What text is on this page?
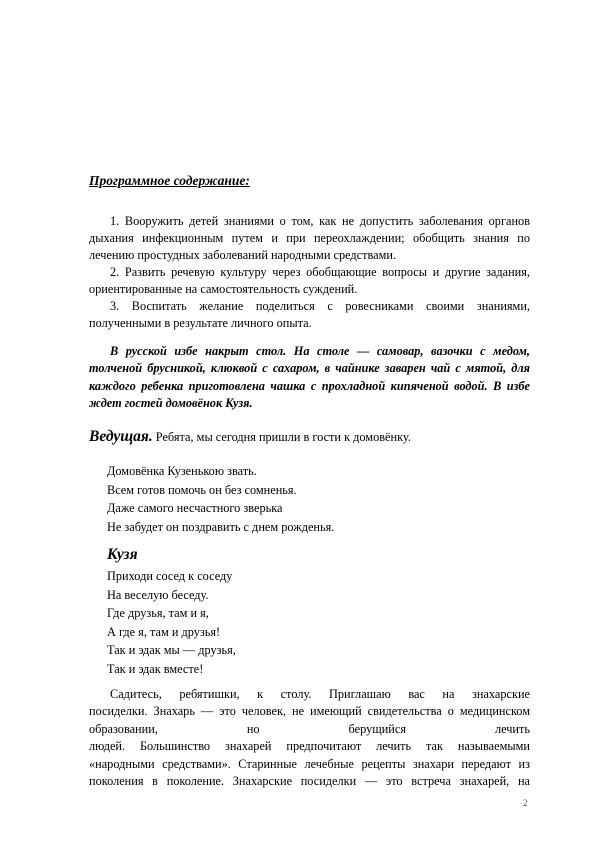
Программное содержание:
1. Вооружить детей знаниями о том, как не допустить заболевания органов дыхания инфекционным путем и при переохлаждении; обобщить знания по лечению простудных заболеваний народными средствами.
2. Развить речевую культуру через обобщающие вопросы и другие задания, ориентированные на самостоятельность суждений.
3. Воспитать желание поделиться с ровесниками своими знаниями, полученными в результате личного опыта.
В русской избе накрыт стол. На столе — самовар, вазочки с медом, толченой брусникой, клюквой с сахаром, в чайнике заварен чай с мятой, для каждого ребенка приготовлена чашка с прохладной кипяченой водой. В избе ждет гостей домовёнок Кузя.
Ведущая. Ребята, мы сегодня пришли в гости к домовёнку.
Домовёнка Кузенькою звать.
Всем готов помочь он без сомненья.
Даже самого несчастного зверька
Не забудет он поздравить с днем рожденья.
Кузя
Приходи сосед к соседу
На веселую беседу.
Где друзья, там и я,
А где я, там и друзья!
Так и эдак мы — друзья,
Так и эдак вместе!
Садитесь, ребятишки, к столу. Приглашаю вас на знахарские
посиделки. Знахарь — это человек, не имеющий свидетельства о медицинском
образовании, но берущийся лечить
людей. Большинство знахарей предпочитают лечить так называемыми
«народными средствами». Старинные лечебные рецепты знахари передают из
поколения в поколение. Знахарские посиделки — это встреча знахарей, на
2
